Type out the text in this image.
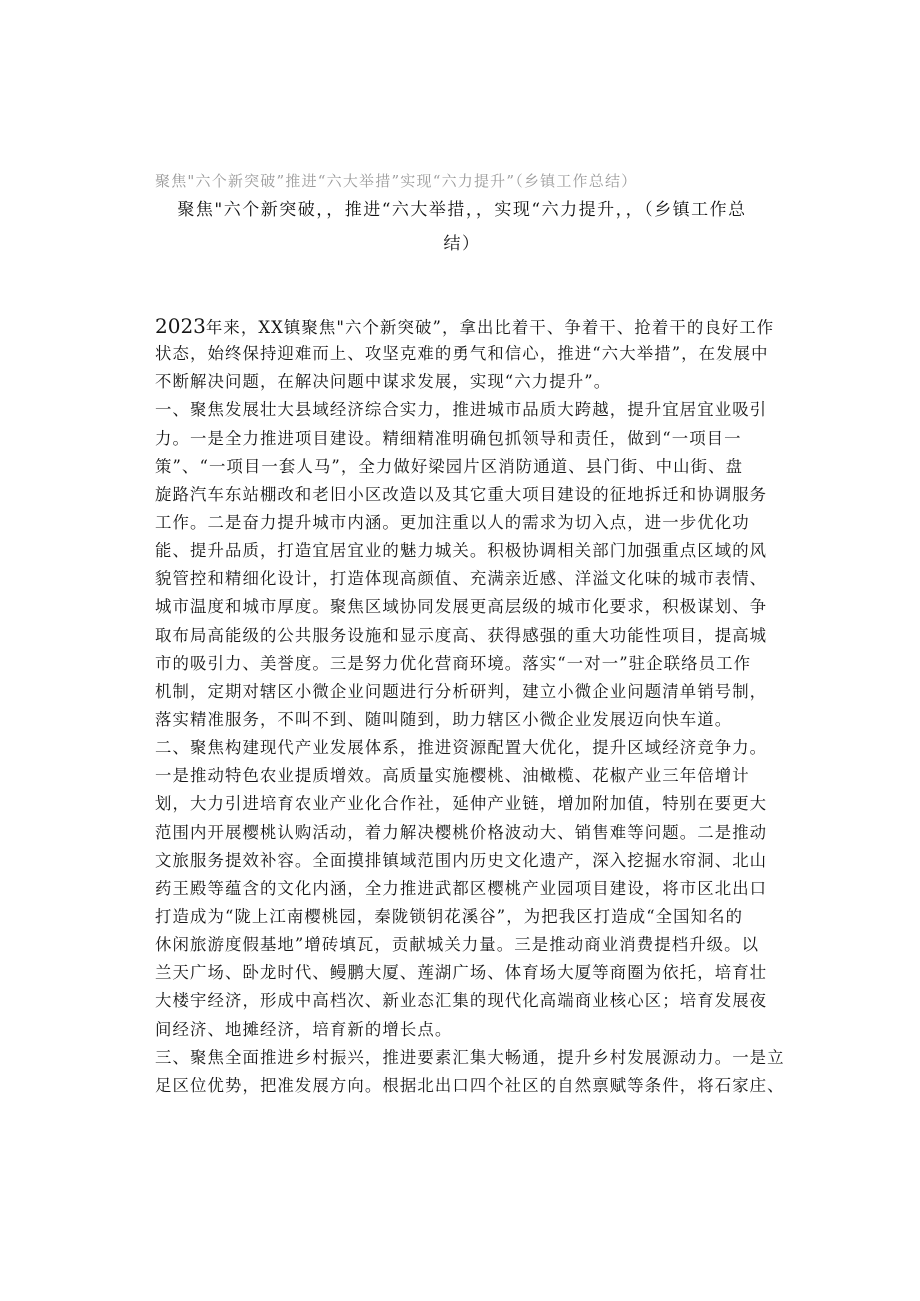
聚焦"六个新突破”推进“六大举措”实现“六力提升”（乡镇工作总结）
聚焦"六个新突破，，推进“六大举措，，实现“六力提升，，（乡镇工作总
结）
2023年来，XX镇聚焦"六个新突破”，拿出比着干、争着干、抢着干的良好工作
状态，始终保持迎难而上、攻坚克难的勇气和信心，推进“六大举措”，在发展中
不断解决问题，在解决问题中谋求发展，实现“六力提升”。
一、聚焦发展壮大县域经济综合实力，推进城市品质大跨越，提升宜居宜业吸引
力。一是全力推进项目建设。精细精准明确包抓领导和责任，做到“一项目一
策”、“一项目一套人马”，全力做好梁园片区消防通道、县门街、中山街、盘
旋路汽车东站棚改和老旧小区改造以及其它重大项目建设的征地拆迁和协调服务
工作。二是奋力提升城市内涵。更加注重以人的需求为切入点，进一步优化功
能、提升品质，打造宜居宜业的魅力城关。积极协调相关部门加强重点区域的风
貌管控和精细化设计，打造体现高颜值、充满亲近感、洋溢文化味的城市表情、
城市温度和城市厚度。聚焦区域协同发展更高层级的城市化要求，积极谋划、争
取布局高能级的公共服务设施和显示度高、获得感强的重大功能性项目，提高城
市的吸引力、美誉度。三是努力优化营商环境。落实“一对一”驻企联络员工作
机制，定期对辖区小微企业问题进行分析研判，建立小微企业问题清单销号制，
落实精准服务，不叫不到、随叫随到，助力辖区小微企业发展迈向快车道。
二、聚焦构建现代产业发展体系，推进资源配置大优化，提升区域经济竞争力。
一是推动特色农业提质增效。高质量实施樱桃、油橄榄、花椒产业三年倍增计
划，大力引进培育农业产业化合作社，延伸产业链，增加附加值，特别在要更大
范围内开展樱桃认购活动，着力解决樱桃价格波动大、销售难等问题。二是推动
文旅服务提效补容。全面摸排镇域范围内历史文化遗产，深入挖掘水帘洞、北山
药王殿等蕴含的文化内涵，全力推进武都区樱桃产业园项目建设，将市区北出口
打造成为“陇上江南樱桃园，秦陇锁钥花溪谷”，为把我区打造成“全国知名的
休闲旅游度假基地”增砖填瓦，贡献城关力量。三是推动商业消费提档升级。以
兰天广场、卧龙时代、鳗鹏大厦、莲湖广场、体育场大厦等商圈为依托，培育壮
大楼宇经济，形成中高档次、新业态汇集的现代化高端商业核心区；培育发展夜
间经济、地摊经济，培育新的增长点。
三、聚焦全面推进乡村振兴，推进要素汇集大畅通，提升乡村发展源动力。一是立
足区位优势，把准发展方向。根据北出口四个社区的自然禀赋等条件，将石家庄、
